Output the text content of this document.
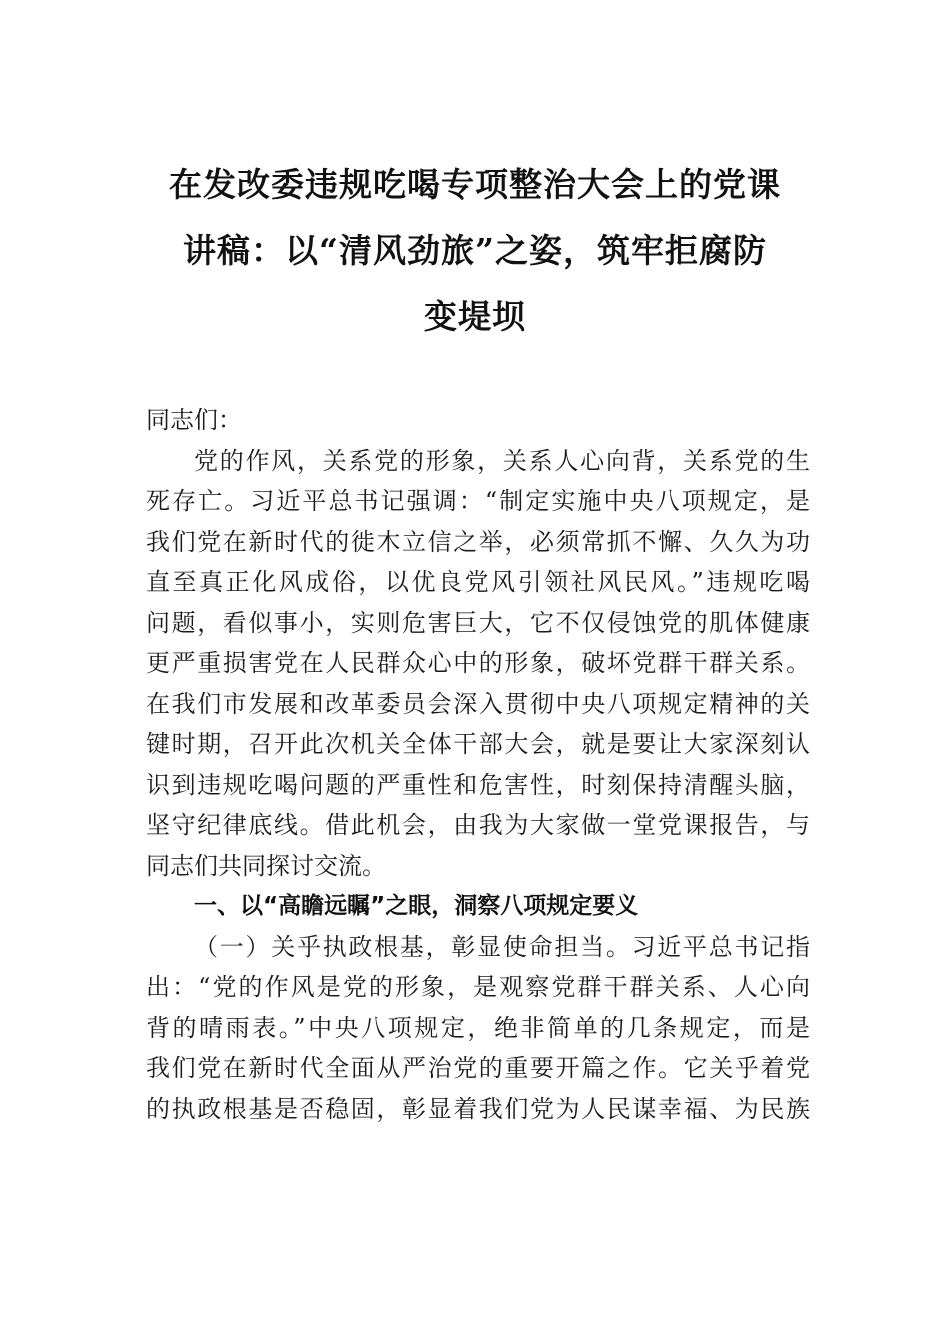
在发改委违规吃喝专项整治大会上的党课
讲稿：以“清风劲旅”之姿，筑牢拒腐防
变堤坝
同志们：
党的作风，关系党的形象，关系人心向背，关系党的生
死存亡。习近平总书记强调：“制定实施中央八项规定，是
我们党在新时代的徙木立信之举，必须常抓不懈、久久为功
直至真正化风成俗，以优良党风引领社风民风。”违规吃喝
问题，看似事小，实则危害巨大，它不仅侵蚀党的肌体健康
更严重损害党在人民群众心中的形象，破坏党群干群关系。
在我们市发展和改革委员会深入贯彻中央八项规定精神的关
键时期，召开此次机关全体干部大会，就是要让大家深刻认
识到违规吃喝问题的严重性和危害性，时刻保持清醒头脑，
坚守纪律底线。借此机会，由我为大家做一堂党课报告，与
同志们共同探讨交流。
一、以“高瞻远瞩”之眼，洞察八项规定要义
（一）关乎执政根基，彰显使命担当。习近平总书记指
出：“党的作风是党的形象，是观察党群干群关系、人心向
背的晴雨表。”中央八项规定，绝非简单的几条规定，而是
我们党在新时代全面从严治党的重要开篇之作。它关乎着党
的执政根基是否稳固，彰显着我们党为人民谋幸福、为民族
